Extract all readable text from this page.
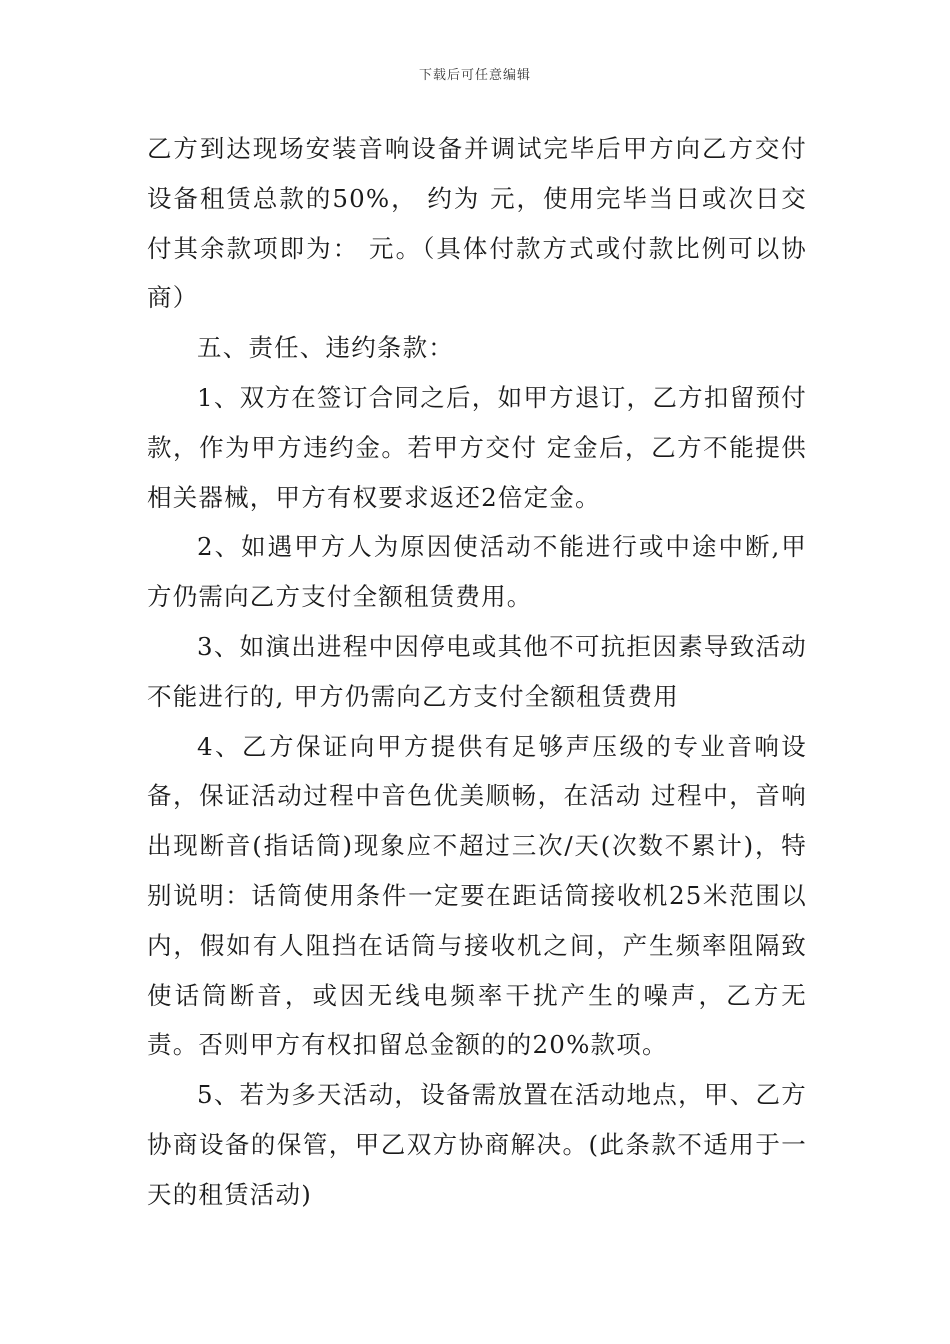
下载后可任意编辑

乙方到达现场安装音响设备并调试完毕后甲方向乙方交付设备租赁总款的50%， 约为 元，使用完毕当日或次日交付其余款项即为： 元。（具体付款方式或付款比例可以协商）

五、责任、违约条款：

1、双方在签订合同之后，如甲方退订，乙方扣留预付款，作为甲方违约金。若甲方交付 定金后，乙方不能提供相关器械，甲方有权要求返还2倍定金。

2、如遇甲方人为原因使活动不能进行或中途中断,甲方仍需向乙方支付全额租赁费用。

3、如演出进程中因停电或其他不可抗拒因素导致活动不能进行的, 甲方仍需向乙方支付全额租赁费用

4、乙方保证向甲方提供有足够声压级的专业音响设备，保证活动过程中音色优美顺畅，在活动 过程中，音响出现断音(指话筒)现象应不超过三次/天(次数不累计)，特别说明：话筒使用条件一定要在距话筒接收机25米范围以内，假如有人阻挡在话筒与接收机之间，产生频率阻隔致使话筒断音，或因无线电频率干扰产生的噪声，乙方无责。否则甲方有权扣留总金额的的20%款项。

5、若为多天活动，设备需放置在活动地点，甲、乙方协商设备的保管，甲乙双方协商解决。(此条款不适用于一天的租赁活动)
